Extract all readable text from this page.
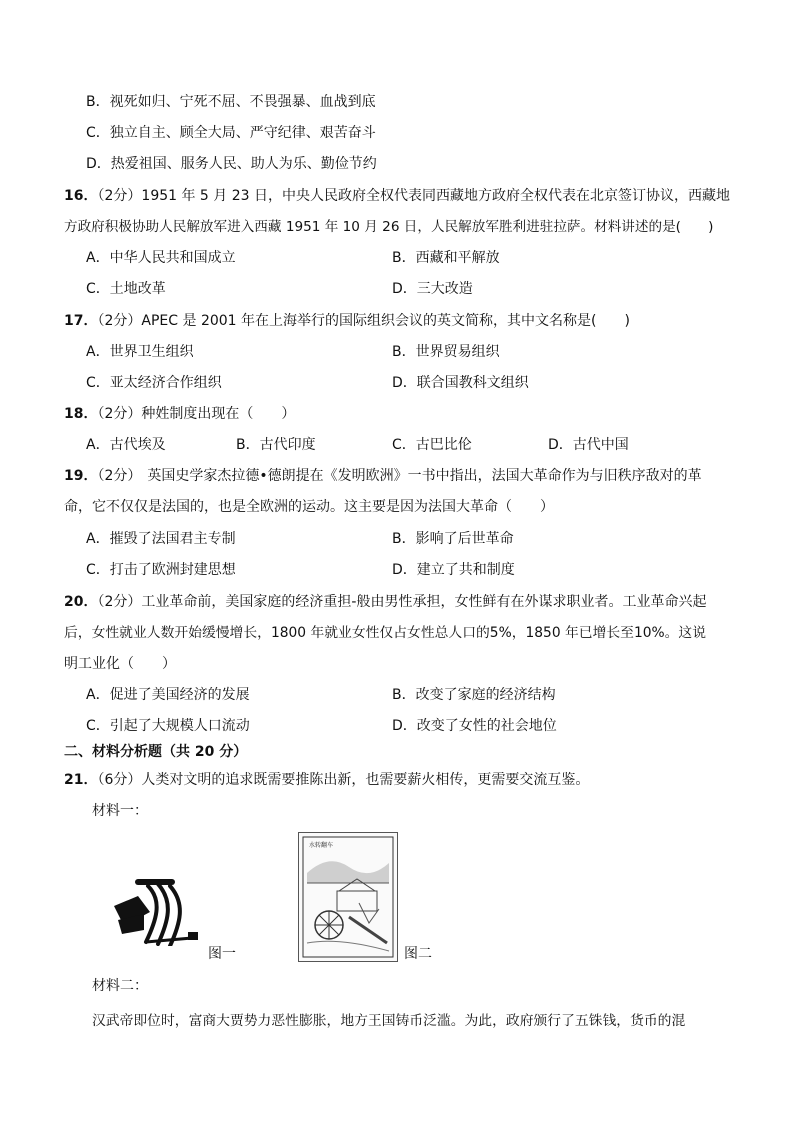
B．视死如归、宁死不屈、不畏强暴、血战到底
C．独立自主、顾全大局、严守纪律、艰苦奋斗
D．热爱祖国、服务人民、助人为乐、勤俭节约
16．（2分）1951 年 5 月 23 日，中央人民政府全权代表同西藏地方政府全权代表在北京签订协议，西藏地
方政府积极协助人民解放军进入西藏 1951 年 10 月 26 日，人民解放军胜利进驻拉萨。材料讲述的是(　　)
A．中华人民共和国成立	B．西藏和平解放
C．土地改革	D．三大改造
17．（2分）APEC 是 2001 年在上海举行的国际组织会议的英文简称，其中文名称是(　　)
A．世界卫生组织	B．世界贸易组织
C．亚太经济合作组织	D．联合国教科文组织
18．（2分）种姓制度出现在（　　）
A．古代埃及	B．古代印度	C．古巴比伦	D．古代中国
19．（2分） 英国史学家杰拉德•德朗提在《发明欧洲》一书中指出，法国大革命作为与旧秩序敌对的革
命，它不仅仅是法国的，也是全欧洲的运动。这主要是因为法国大革命（　　）
A．摧毁了法国君主专制	B．影响了后世革命
C．打击了欧洲封建思想	D．建立了共和制度
20．（2分）工业革命前，美国家庭的经济重担-般由男性承担，女性鲜有在外谋求职业者。工业革命兴起
后，女性就业人数开始缓慢增长，1800 年就业女性仅占女性总人口的5%，1850 年已增长至10%。这说
明工业化（　　）
A．促进了美国经济的发展	B．改变了家庭的经济结构
C．引起了大规模人口流动	D．改变了女性的社会地位
二、材料分析题（共 20 分）
21．（6分）人类对文明的追求既需要推陈出新，也需要薪火相传，更需要交流互鉴。
材料一：
图一
水转翻车
图二
材料二：
汉武帝即位时，富商大贾势力恶性膨胀，地方王国铸币泛滥。为此，政府颁行了五铢钱，货币的混
